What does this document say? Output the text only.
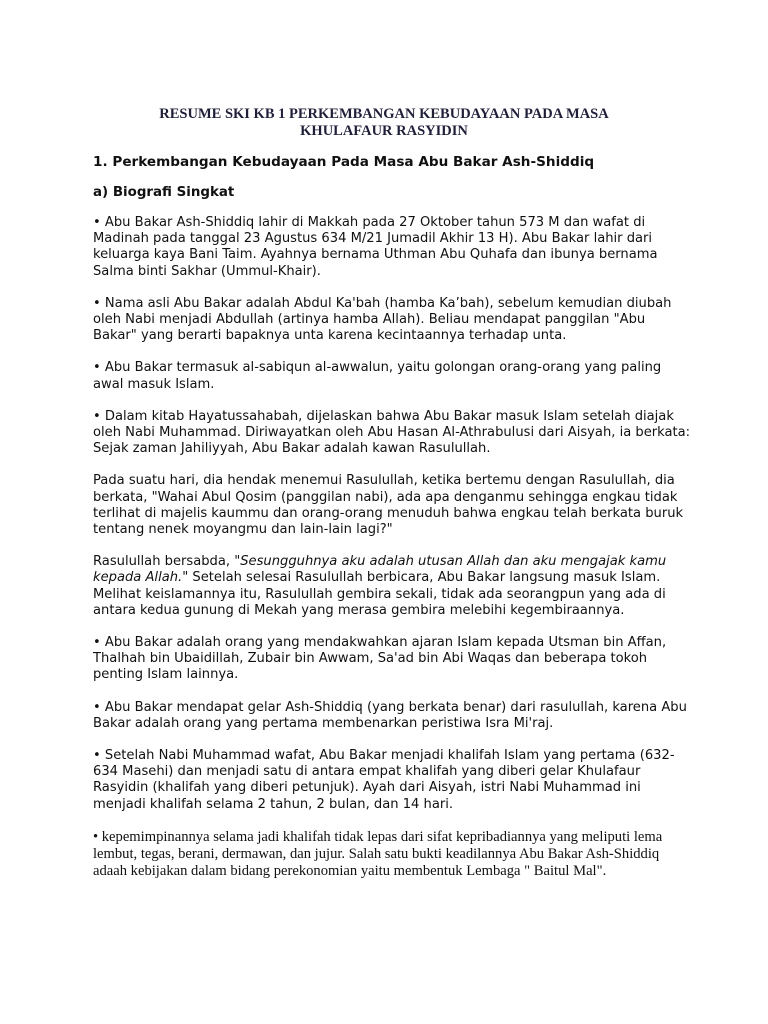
RESUME SKI KB 1 PERKEMBANGAN KEBUDAYAAN PADA MASA
KHULAFAUR RASYIDIN
1. Perkembangan Kebudayaan Pada Masa Abu Bakar Ash-Shiddiq
a) Biografi Singkat

• Abu Bakar Ash-Shiddiq lahir di Makkah pada 27 Oktober tahun 573 M dan wafat di Madinah pada tanggal 23 Agustus 634 M/21 Jumadil Akhir 13 H). Abu Bakar lahir dari keluarga kaya Bani Taim. Ayahnya bernama Uthman Abu Quhafa dan ibunya bernama Salma binti Sakhar (Ummul-Khair).

• Nama asli Abu Bakar adalah Abdul Ka'bah (hamba Ka’bah), sebelum kemudian diubah oleh Nabi menjadi Abdullah (artinya hamba Allah). Beliau mendapat panggilan "Abu Bakar" yang berarti bapaknya unta karena kecintaannya terhadap unta.

• Abu Bakar termasuk al-sabiqun al-awwalun, yaitu golongan orang-orang yang paling awal masuk Islam.

• Dalam kitab Hayatussahabah, dijelaskan bahwa Abu Bakar masuk Islam setelah diajak oleh Nabi Muhammad. Diriwayatkan oleh Abu Hasan Al-Athrabulusi dari Aisyah, ia berkata: Sejak zaman Jahiliyyah, Abu Bakar adalah kawan Rasulullah.

Pada suatu hari, dia hendak menemui Rasulullah, ketika bertemu dengan Rasulullah, dia berkata, "Wahai Abul Qosim (panggilan nabi), ada apa denganmu sehingga engkau tidak terlihat di majelis kaummu dan orang-orang menuduh bahwa engkau telah berkata buruk tentang nenek moyangmu dan lain-lain lagi?"

Rasulullah bersabda, "Sesungguhnya aku adalah utusan Allah dan aku mengajak kamu kepada Allah." Setelah selesai Rasulullah berbicara, Abu Bakar langsung masuk Islam. Melihat keislamannya itu, Rasulullah gembira sekali, tidak ada seorangpun yang ada di antara kedua gunung di Mekah yang merasa gembira melebihi kegembiraannya.

• Abu Bakar adalah orang yang mendakwahkan ajaran Islam kepada Utsman bin Affan, Thalhah bin Ubaidillah, Zubair bin Awwam, Sa'ad bin Abi Waqas dan beberapa tokoh penting Islam lainnya.

• Abu Bakar mendapat gelar Ash-Shiddiq (yang berkata benar) dari rasulullah, karena Abu Bakar adalah orang yang pertama membenarkan peristiwa Isra Mi'raj.

• Setelah Nabi Muhammad wafat, Abu Bakar menjadi khalifah Islam yang pertama (632-634 Masehi) dan menjadi satu di antara empat khalifah yang diberi gelar Khulafaur Rasyidin (khalifah yang diberi petunjuk). Ayah dari Aisyah, istri Nabi Muhammad ini menjadi khalifah selama 2 tahun, 2 bulan, dan 14 hari.

• kepemimpinannya selama jadi khalifah tidak lepas dari sifat kepribadiannya yang meliputi lema lembut, tegas, berani, dermawan, dan jujur. Salah satu bukti keadilannya Abu Bakar Ash-Shiddiq adaah kebijakan dalam bidang perekonomian yaitu membentuk Lembaga " Baitul Mal".
